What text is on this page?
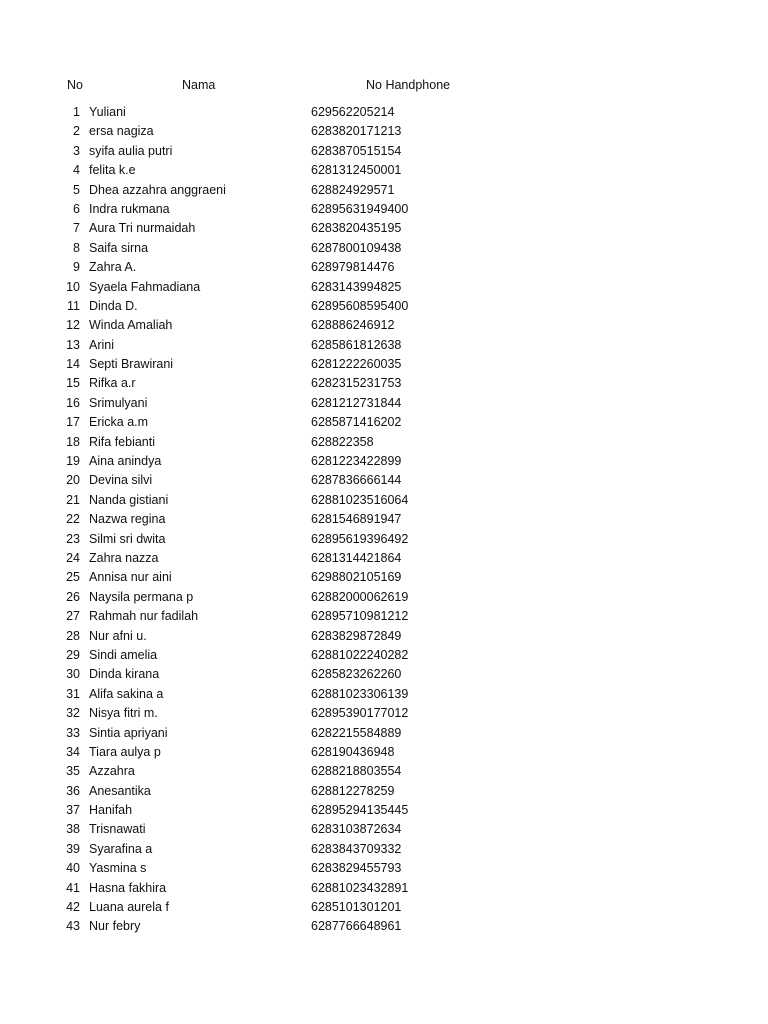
No	Nama	No Handphone
1 Yuliani	629562205214
2 ersa nagiza	6283820171213
3 syifa aulia putri	6283870515154
4 felita k.e	6281312450001
5 Dhea azzahra anggraeni	628824929571
6 Indra rukmana	62895631949400
7 Aura Tri nurmaidah	6283820435195
8 Saifa sirna	6287800109438
9 Zahra A.	628979814476
10 Syaela Fahmadiana	6283143994825
11 Dinda D.	62895608595400
12 Winda Amaliah	628886246912
13 Arini	6285861812638
14 Septi Brawirani	6281222260035
15 Rifka a.r	6282315231753
16 Srimulyani	6281212731844
17 Ericka a.m	6285871416202
18 Rifa febianti	628822358
19 Aina anindya	6281223422899
20 Devina silvi	6287836666144
21 Nanda gistiani	62881023516064
22 Nazwa regina	6281546891947
23 Silmi sri dwita	62895619396492
24 Zahra nazza	6281314421864
25 Annisa nur aini	6298802105169
26 Naysila permana p	62882000062619
27 Rahmah nur fadilah	62895710981212
28 Nur afni u.	6283829872849
29 Sindi amelia	62881022240282
30 Dinda kirana	6285823262260
31 Alifa sakina a	62881023306139
32 Nisya fitri m.	62895390177012
33 Sintia apriyani	6282215584889
34 Tiara aulya p	628190436948
35 Azzahra	6288218803554
36 Anesantika	628812278259
37 Hanifah	62895294135445
38 Trisnawati	6283103872634
39 Syarafina a	6283843709332
40 Yasmina s	6283829455793
41 Hasna fakhira	62881023432891
42 Luana aurela f	6285101301201
43 Nur febry	6287766648961
